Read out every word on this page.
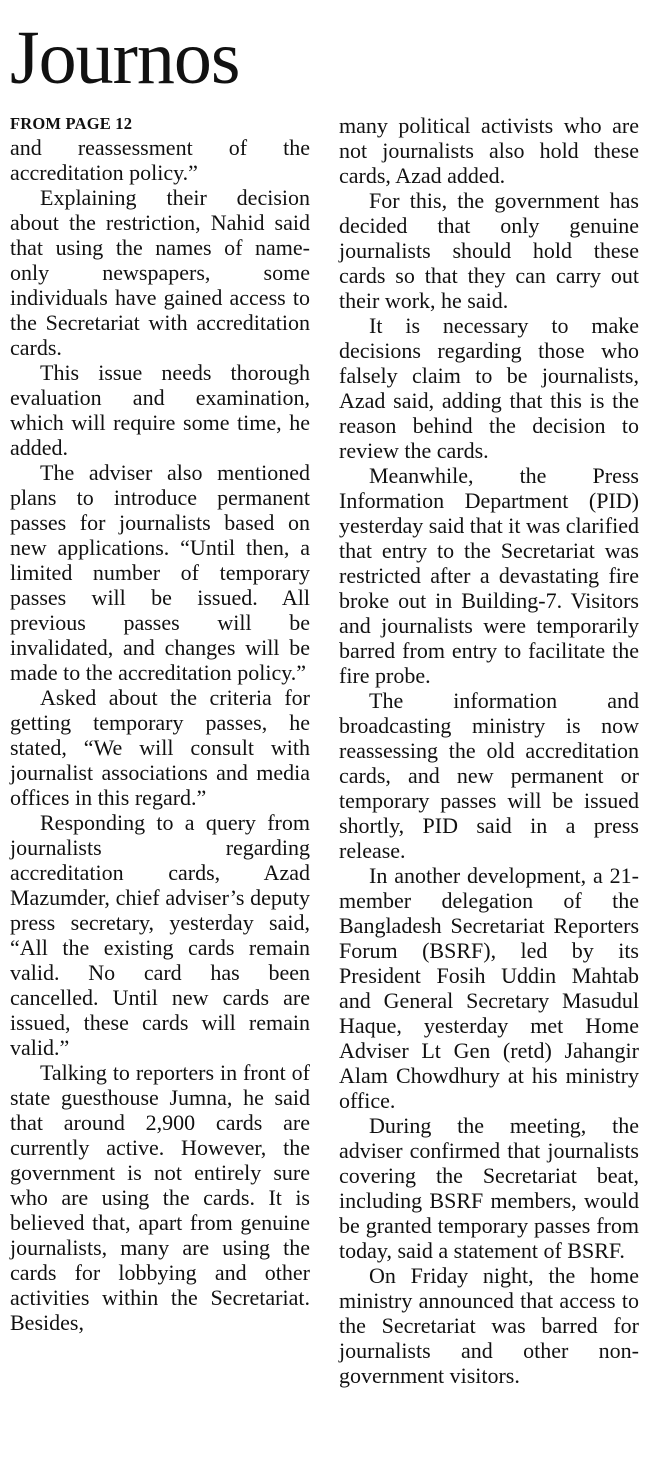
Journos
FROM PAGE 12

and reassessment of the accreditation policy.”

Explaining their decision about the restriction, Nahid said that using the names of name-only newspapers, some individuals have gained access to the Secretariat with accreditation cards.

This issue needs thorough evaluation and examination, which will require some time, he added.

The adviser also mentioned plans to introduce permanent passes for journalists based on new applications. “Until then, a limited number of temporary passes will be issued. All previous passes will be invalidated, and changes will be made to the accreditation policy.”

Asked about the criteria for getting temporary passes, he stated, “We will consult with journalist associations and media offices in this regard.”

Responding to a query from journalists regarding accreditation cards, Azad Mazumder, chief adviser’s deputy press secretary, yesterday said, “All the existing cards remain valid. No card has been cancelled. Until new cards are issued, these cards will remain valid.”

Talking to reporters in front of state guesthouse Jumna, he said that around 2,900 cards are currently active. However, the government is not entirely sure who are using the cards. It is believed that, apart from genuine journalists, many are using the cards for lobbying and other activities within the Secretariat. Besides,

many political activists who are not journalists also hold these cards, Azad added.

For this, the government has decided that only genuine journalists should hold these cards so that they can carry out their work, he said.

It is necessary to make decisions regarding those who falsely claim to be journalists, Azad said, adding that this is the reason behind the decision to review the cards.

Meanwhile, the Press Information Department (PID) yesterday said that it was clarified that entry to the Secretariat was restricted after a devastating fire broke out in Building-7. Visitors and journalists were temporarily barred from entry to facilitate the fire probe.

The information and broadcasting ministry is now reassessing the old accreditation cards, and new permanent or temporary passes will be issued shortly, PID said in a press release.

In another development, a 21-member delegation of the Bangladesh Secretariat Reporters Forum (BSRF), led by its President Fosih Uddin Mahtab and General Secretary Masudul Haque, yesterday met Home Adviser Lt Gen (retd) Jahangir Alam Chowdhury at his ministry office.

During the meeting, the adviser confirmed that journalists covering the Secretariat beat, including BSRF members, would be granted temporary passes from today, said a statement of BSRF.

On Friday night, the home ministry announced that access to the Secretariat was barred for journalists and other non-government visitors.
